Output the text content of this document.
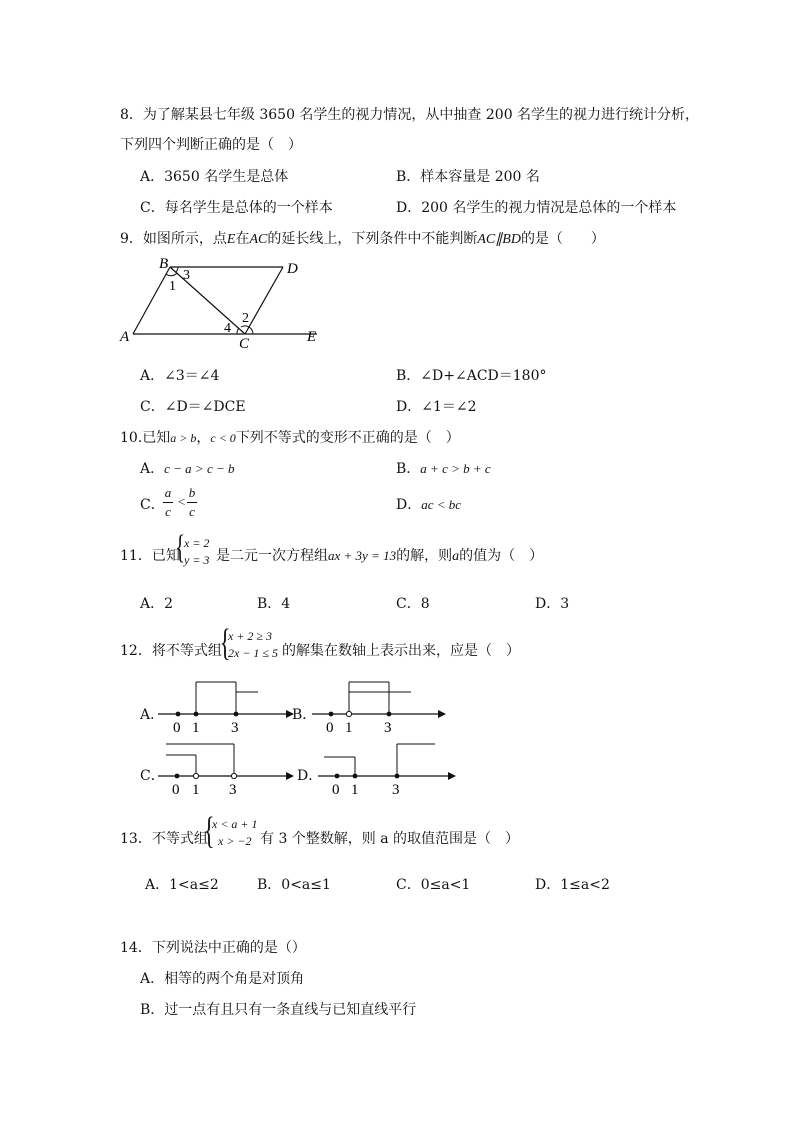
8．为了解某县七年级 3650 名学生的视力情况，从中抽查 200 名学生的视力进行统计分析，
下列四个判断正确的是（　）
A．3650 名学生是总体	B．样本容量是 200 名
C．每名学生是总体的一个样本	D．200 名学生的视力情况是总体的一个样本
9．如图所示，点E在AC的延长线上，下列条件中不能判断AC∥BD的是（　　）
B	D
A	C	E
3
1
2
4
A．∠3＝∠4	B．∠D+∠ACD＝180°
C．∠D＝∠DCE	D．∠1＝∠2
10.已知a > b，c < 0下列不等式的变形不正确的是（　）
A．c − a > c − b	B．a + c > b + c
C．
a
c
<
b
c	D．ac < bc
11．已知
{
x = 2
y = 3 是二元一次方程组ax + 3y = 13的解，则a的值为（　）
A．2	B．4	C．8	D．3
12．将不等式组
{
x + 2 ≥ 3
2x − 1 ≤ 5 的解集在数轴上表示出来，应是（　）
A．
0 1 3
B．
0 1 3
C．
0 1 3
D．
0 1 3
13．不等式组
{
x < a + 1
x > −2 有 3 个整数解，则 a 的取值范围是（　）
A．1<a≤2	B．0<a≤1	C．0≤a<1	D．1≤a<2
14．下列说法中正确的是（）
A．相等的两个角是对顶角
B．过一点有且只有一条直线与已知直线平行
